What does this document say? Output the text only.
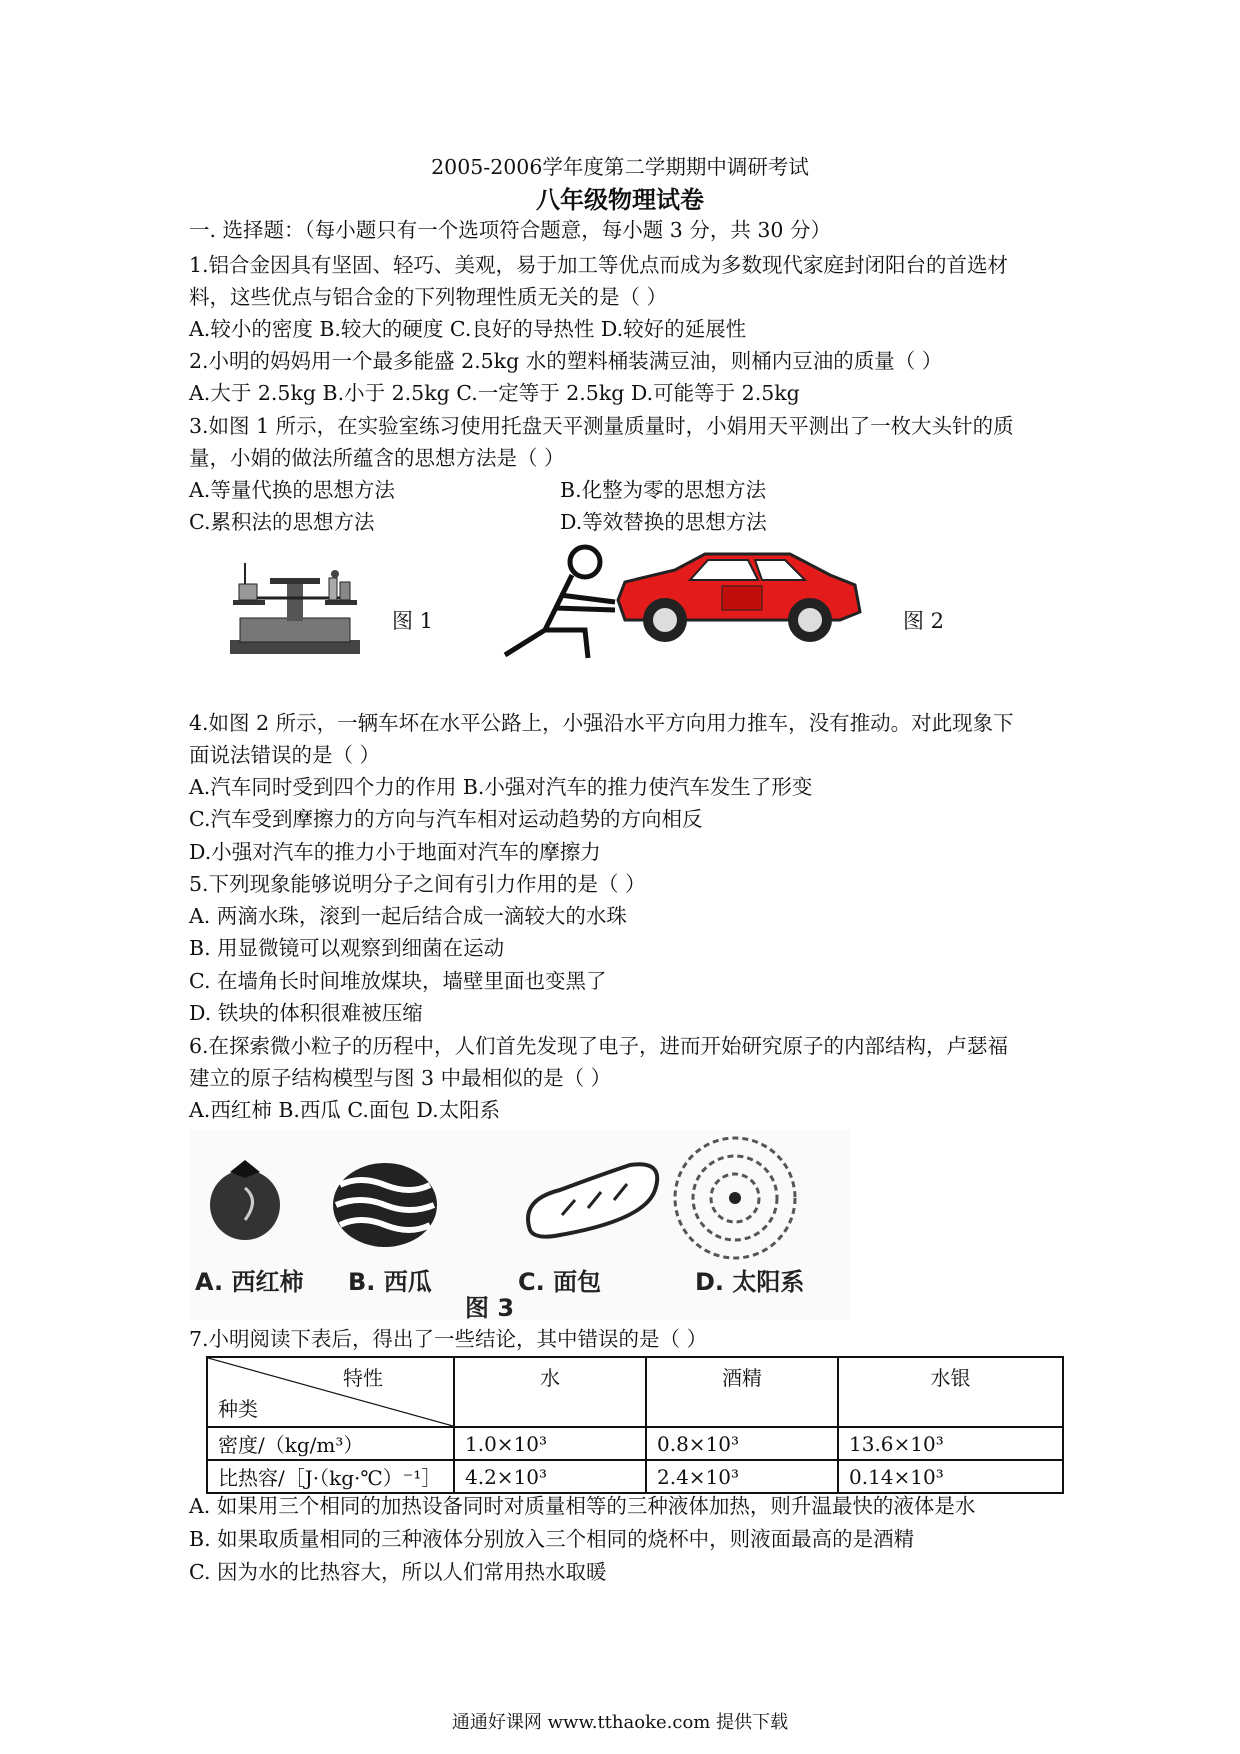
2005-2006学年度第二学期期中调研考试
八年级物理试卷
一. 选择题：（每小题只有一个选项符合题意，每小题 3 分，共 30 分）
1.铝合金因具有坚固、轻巧、美观，易于加工等优点而成为多数现代家庭封闭阳台的首选材
料，这些优点与铝合金的下列物理性质无关的是（ ）
A.较小的密度 B.较大的硬度 C.良好的导热性 D.较好的延展性
2.小明的妈妈用一个最多能盛 2.5kg 水的塑料桶装满豆油，则桶内豆油的质量（ ）
A.大于 2.5kg B.小于 2.5kg C.一定等于 2.5kg D.可能等于 2.5kg
3.如图 1 所示，在实验室练习使用托盘天平测量质量时，小娟用天平测出了一枚大头针的质
量，小娟的做法所蕴含的思想方法是（ ）
A.等量代换的思想方法	B.化整为零的思想方法
C.累积法的思想方法	D.等效替换的思想方法
图 1	图 2
4.如图 2 所示，一辆车坏在水平公路上，小强沿水平方向用力推车，没有推动。对此现象下
面说法错误的是（ ）
A.汽车同时受到四个力的作用 B.小强对汽车的推力使汽车发生了形变
C.汽车受到摩擦力的方向与汽车相对运动趋势的方向相反
D.小强对汽车的推力小于地面对汽车的摩擦力
5.下列现象能够说明分子之间有引力作用的是（ ）
A. 两滴水珠，滚到一起后结合成一滴较大的水珠
B. 用显微镜可以观察到细菌在运动
C. 在墙角长时间堆放煤块，墙壁里面也变黑了
D. 铁块的体积很难被压缩
6.在探索微小粒子的历程中，人们首先发现了电子，进而开始研究原子的内部结构，卢瑟福
建立的原子结构模型与图 3 中最相似的是（ ）
A.西红柿 B.西瓜 C.面包 D.太阳系
A. 西红柿 B. 西瓜	C. 面包	D. 太阳系
图 3
7.小明阅读下表后，得出了一些结论，其中错误的是（ ）
特性
种类	水	酒精	水银
密度/（kg/m³）	1.0×10³	0.8×10³	13.6×10³
比热容/［J·（kg·℃）⁻¹］	4.2×10³	2.4×10³	0.14×10³
A. 如果用三个相同的加热设备同时对质量相等的三种液体加热，则升温最快的液体是水
B. 如果取质量相同的三种液体分别放入三个相同的烧杯中，则液面最高的是酒精
C. 因为水的比热容大，所以人们常用热水取暖
通通好课网 www.tthaoke.com 提供下载
